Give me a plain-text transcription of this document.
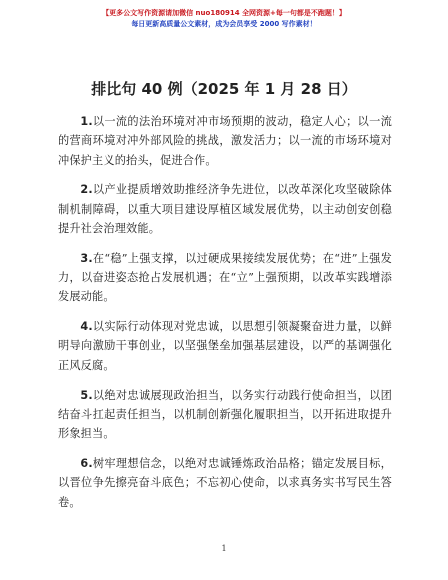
【更多公文写作资源请加微信 nuo180914 全网资源+每一句都是不跑题！】
每日更新高质量公文素材，成为会员享受 2000 写作素材！
排比句 40 例（2025 年 1 月 28 日）

1.以一流的法治环境对冲市场预期的波动，稳定人心；以一流的营商环境对冲外部风险的挑战，激发活力；以一流的市场环境对冲保护主义的抬头，促进合作。

2.以产业提质增效助推经济争先进位，以改革深化攻坚破除体制机制障碍，以重大项目建设厚植区域发展优势，以主动创安创稳提升社会治理效能。

3.在“稳”上强支撑，以过硬成果接续发展优势；在“进”上强发力，以奋进姿态抢占发展机遇；在“立”上强预期，以改革实践增添发展动能。

4.以实际行动体现对党忠诚，以思想引领凝聚奋进力量，以鲜明导向激励干事创业，以坚强堡垒加强基层建设，以严的基调强化正风反腐。

5.以绝对忠诚展现政治担当，以务实行动践行使命担当，以团结奋斗扛起责任担当，以机制创新强化履职担当，以开拓进取提升形象担当。

6.树牢理想信念，以绝对忠诚锤炼政治品格；锚定发展目标，以晋位争先擦亮奋斗底色；不忘初心使命，以求真务实书写民生答卷。

1
